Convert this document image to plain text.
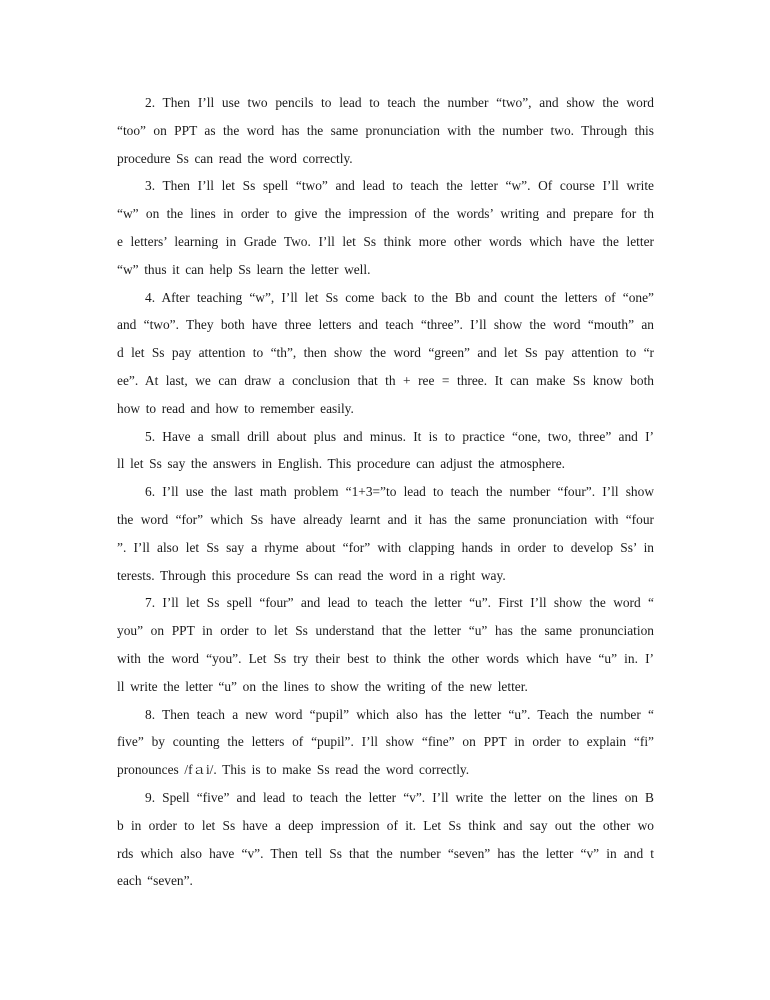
2. Then I’ll use two pencils to lead to teach the number “two”, and show the word
“too” on PPT as the word has the same pronunciation with the number two. Through this
procedure Ss can read the word correctly.

3. Then I’ll let Ss spell “two” and lead to teach the letter “w”. Of course I’ll write
“w” on the lines in order to give the impression of the words’ writing and prepare for th
e letters’ learning in Grade Two. I’ll let Ss think more other words which have the letter
“w” thus it can help Ss learn the letter well.

4. After teaching “w”, I’ll let Ss come back to the Bb and count the letters of “one”
and “two”. They both have three letters and teach “three”. I’ll show the word “mouth” an
d let Ss pay attention to “th”, then show the word “green” and let Ss pay attention to “r
ee”. At last, we can draw a conclusion that th + ree = three. It can make Ss know both
how to read and how to remember easily.

5. Have a small drill about plus and minus. It is to practice “one, two, three” and I’
ll let Ss say the answers in English. This procedure can adjust the atmosphere.

6. I’ll use the last math problem “1+3=”to lead to teach the number “four”. I’ll show
the word “for” which Ss have already learnt and it has the same pronunciation with “four
”. I’ll also let Ss say a rhyme about “for” with clapping hands in order to develop Ss’ in
terests. Through this procedure Ss can read the word in a right way.

7. I’ll let Ss spell “four” and lead to teach the letter “u”. First I’ll show the word “
you” on PPT in order to let Ss understand that the letter “u” has the same pronunciation
with the word “you”. Let Ss try their best to think the other words which have “u” in. I’
ll write the letter “u” on the lines to show the writing of the new letter.

8. Then teach a new word “pupil” which also has the letter “u”. Teach the number “
five” by counting the letters of “pupil”. I’ll show “fine” on PPT in order to explain “fi”
pronounces /fａi/. This is to make Ss read the word correctly.

9. Spell “five” and lead to teach the letter “v”. I’ll write the letter on the lines on B
b in order to let Ss have a deep impression of it. Let Ss think and say out the other wo
rds which also have “v”. Then tell Ss that the number “seven” has the letter “v” in and t
each “seven”.
